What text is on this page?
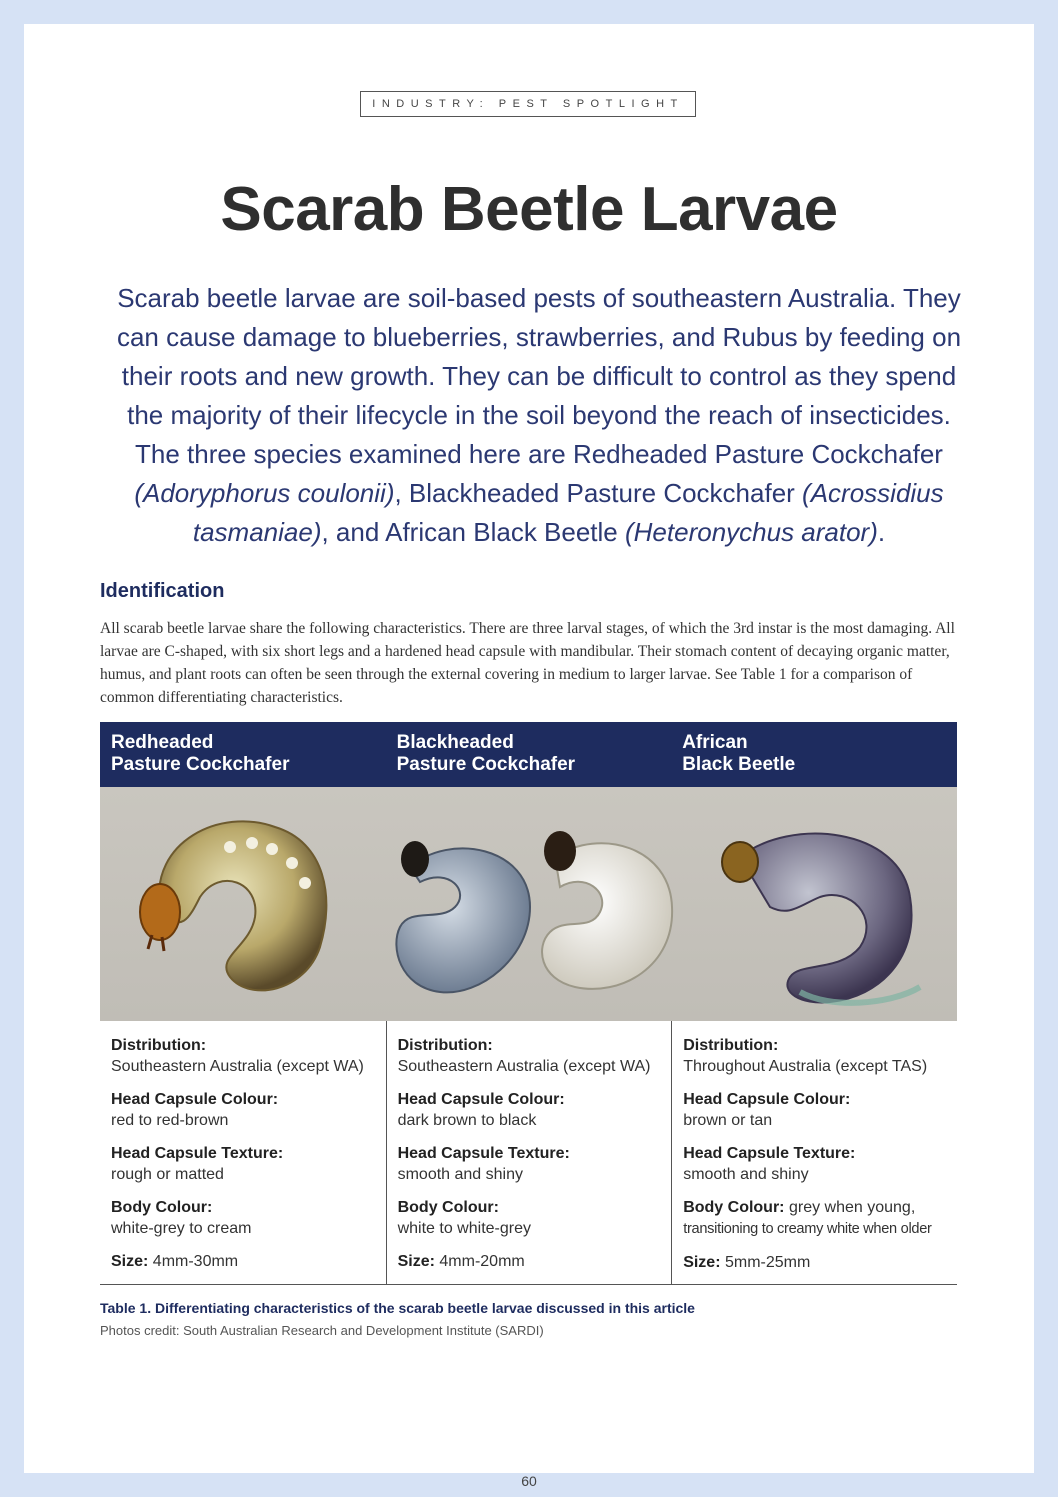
INDUSTRY: PEST SPOTLIGHT
Scarab Beetle Larvae
Scarab beetle larvae are soil-based pests of southeastern Australia. They can cause damage to blueberries, strawberries, and Rubus by feeding on their roots and new growth. They can be difficult to control as they spend the majority of their lifecycle in the soil beyond the reach of insecticides. The three species examined here are Redheaded Pasture Cockchafer (Adoryphorus coulonii), Blackheaded Pasture Cockchafer (Acrossidius tasmaniae), and African Black Beetle (Heteronychus arator).
Identification
All scarab beetle larvae share the following characteristics. There are three larval stages, of which the 3rd instar is the most damaging. All larvae are C-shaped, with six short legs and a hardened head capsule with mandibular. Their stomach content of decaying organic matter, humus, and plant roots can often be seen through the external covering in medium to larger larvae. See Table 1 for a comparison of common differentiating characteristics.
Redheaded
Pasture Cockchafer
Blackheaded
Pasture Cockchafer
African
Black Beetle
Distribution:
Southeastern Australia (except WA)
Head Capsule Colour:
red to red-brown
Head Capsule Texture:
rough or matted
Body Colour:
white-grey to cream
Size: 4mm-30mm
Distribution:
Southeastern Australia (except WA)
Head Capsule Colour:
dark brown to black
Head Capsule Texture:
smooth and shiny
Body Colour:
white to white-grey
Size: 4mm-20mm
Distribution:
Throughout Australia (except TAS)
Head Capsule Colour:
brown or tan
Head Capsule Texture:
smooth and shiny
Body Colour: grey when young,
transitioning to creamy white when older
Size: 5mm-25mm
Table 1. Differentiating characteristics of the scarab beetle larvae discussed in this article
Photos credit: South Australian Research and Development Institute (SARDI)
60
